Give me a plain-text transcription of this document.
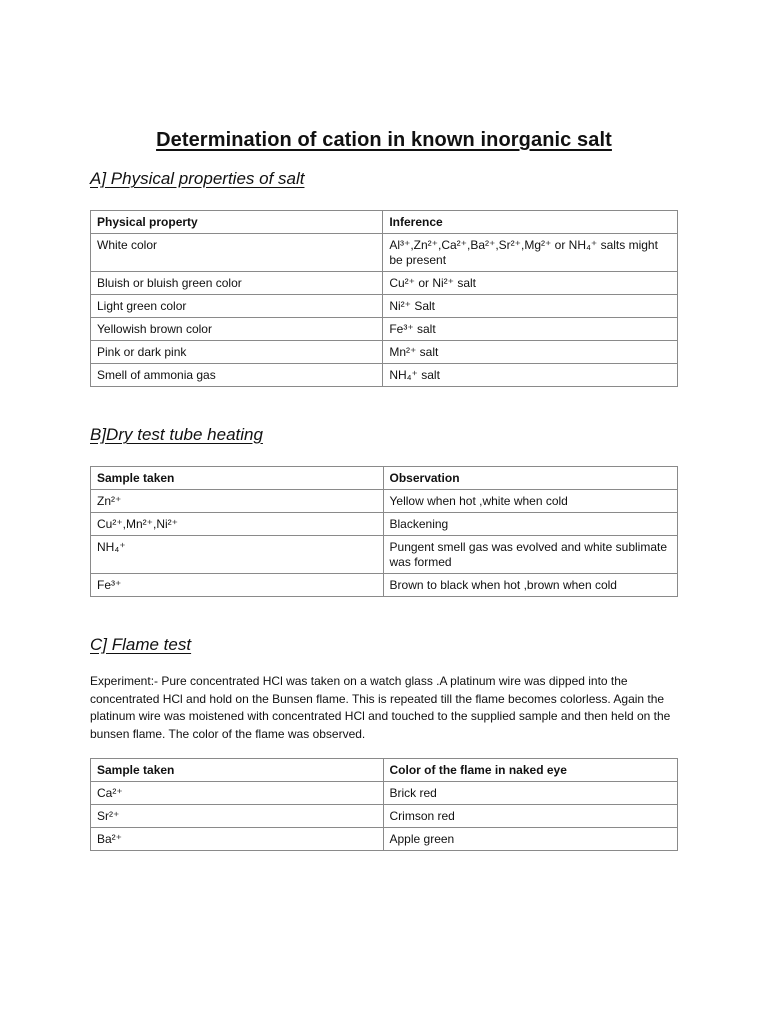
Determination of cation in known inorganic salt
A] Physical properties of salt
Physical property	Inference
White color	Al³⁺,Zn²⁺,Ca²⁺,Ba²⁺,Sr²⁺,Mg²⁺ or NH₄⁺ salts might be present
Bluish or bluish green color	Cu²⁺ or Ni²⁺ salt
Light green color	Ni²⁺ Salt
Yellowish brown color	Fe³⁺ salt
Pink or dark pink	Mn²⁺ salt
Smell of ammonia gas	NH₄⁺ salt
B]Dry test tube heating
Sample taken	Observation
Zn²⁺	Yellow when hot ,white when cold
Cu²⁺,Mn²⁺,Ni²⁺	Blackening
NH₄⁺	Pungent smell gas was evolved and white sublimate was formed
Fe³⁺	Brown to black when hot ,brown when cold
C] Flame test
Experiment:- Pure concentrated HCl was taken on a watch glass .A platinum wire was dipped into the concentrated HCl and hold on the Bunsen flame. This is repeated till the flame becomes colorless. Again the platinum wire was moistened with concentrated HCl and touched to the supplied sample and then held on the bunsen flame. The color of the flame was observed.
Sample taken	Color of the flame in naked eye
Ca²⁺	Brick red
Sr²⁺	Crimson red
Ba²⁺	Apple green
